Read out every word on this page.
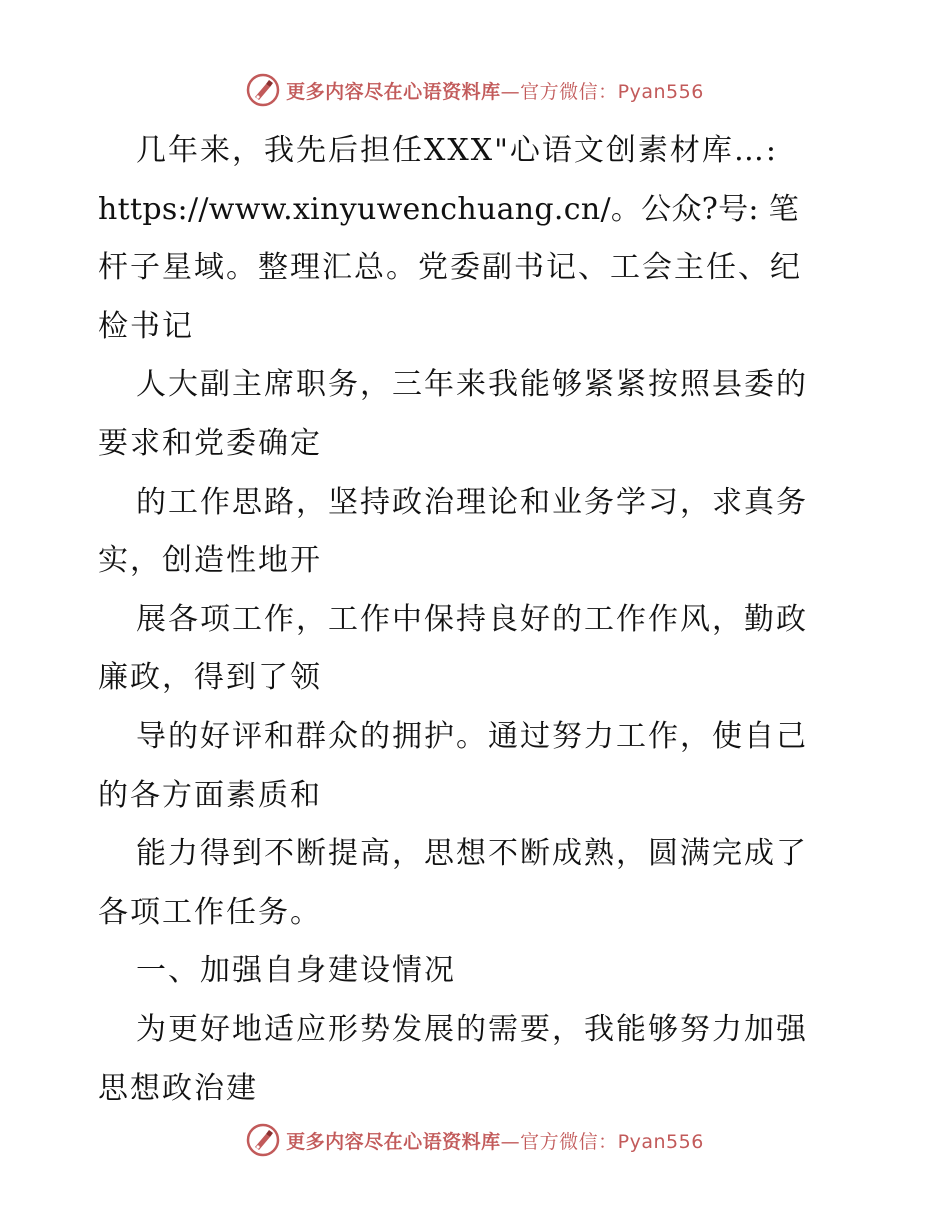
更多内容尽在心语资料库—官方微信：Pyan556
几年来，我先后担任XXX"心语文创素材库…:
https://www.xinyuwenchuang.cn/。公众?号: 笔
杆子星域。整理汇总。党委副书记、工会主任、纪
检书记
人大副主席职务，三年来我能够紧紧按照县委的
要求和党委确定
的工作思路，坚持政治理论和业务学习，求真务
实，创造性地开
展各项工作，工作中保持良好的工作作风，勤政
廉政，得到了领
导的好评和群众的拥护。通过努力工作，使自己
的各方面素质和
能力得到不断提高，思想不断成熟，圆满完成了
各项工作任务。
一、加强自身建设情况
为更好地适应形势发展的需要，我能够努力加强
思想政治建
更多内容尽在心语资料库—官方微信：Pyan556
